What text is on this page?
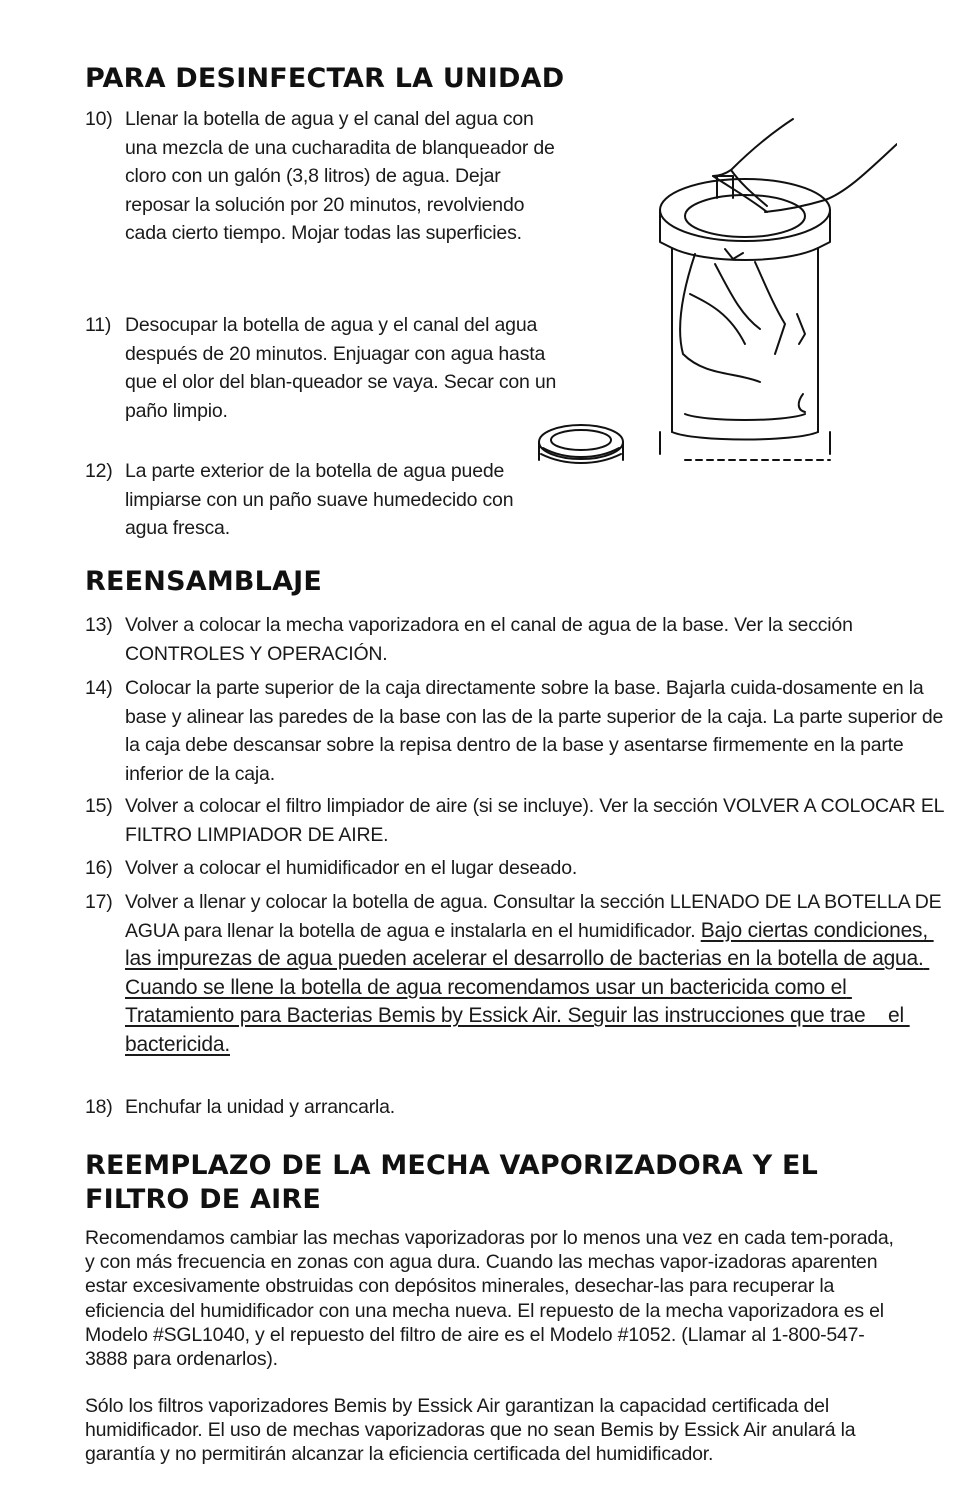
PARA DESINFECTAR LA UNIDAD
10) Llenar la botella de agua y el canal del agua con una mezcla de una cucharadita de blanqueador de cloro con un galón (3,8 litros) de agua. Dejar reposar la solución por 20 minutos, revolviendo cada cierto tiempo. Mojar todas las superficies.
11) Desocupar la botella de agua y el canal del agua después de 20 minutos. Enjuagar con agua hasta que el olor del blan-queador se vaya. Secar con un paño limpio.
12) La parte exterior de la botella de agua puede limpiarse con un paño suave humedecido con agua fresca.
REENSAMBLAJE
13) Volver a colocar la mecha vaporizadora en el canal de agua de la base. Ver la sección CONTROLES Y OPERACIÓN.
14) Colocar la parte superior de la caja directamente sobre la base. Bajarla cuida-dosamente en la base y alinear las paredes de la base con las de la parte superior de la caja. La parte superior de la caja debe descansar sobre la repisa dentro de la base y asentarse firmemente en la parte inferior de la caja.
15) Volver a colocar el filtro limpiador de aire (si se incluye). Ver la sección VOLVER A COLOCAR EL FILTRO LIMPIADOR DE AIRE.
16) Volver a colocar el humidificador en el lugar deseado.
17) Volver a llenar y colocar la botella de agua. Consultar la sección LLENADO DE LA BOTELLA DE AGUA para llenar la botella de agua e instalarla en el humidificador. Bajo ciertas condiciones, las impurezas de agua pueden acelerar el desarrollo de bacterias en la botella de agua. Cuando se llene la botella de agua recomendamos usar un bactericida como el Tratamiento para Bacterias Bemis by Essick Air. Seguir las instrucciones que trae    el bactericida.
18) Enchufar la unidad y arrancarla.
REEMPLAZO DE LA MECHA VAPORIZADORA Y EL FILTRO DE AIRE

Recomendamos cambiar las mechas vaporizadoras por lo menos una vez en cada tem-porada, y con más frecuencia en zonas con agua dura. Cuando las mechas vapor-izadoras aparenten estar excesivamente obstruidas con depósitos minerales, desechar-las para recuperar la eficiencia del humidificador con una mecha nueva. El repuesto de la mecha vaporizadora es el Modelo #SGL1040, y el repuesto del filtro de aire es el Modelo #1052. (Llamar al 1-800-547-3888 para ordenarlos).

Sólo los filtros vaporizadores Bemis by Essick Air garantizan la capacidad certificada del humidificador. El uso de mechas vaporizadoras que no sean Bemis by Essick Air anulará la garantía y no permitirán alcanzar la eficiencia certificada del humidificador.
